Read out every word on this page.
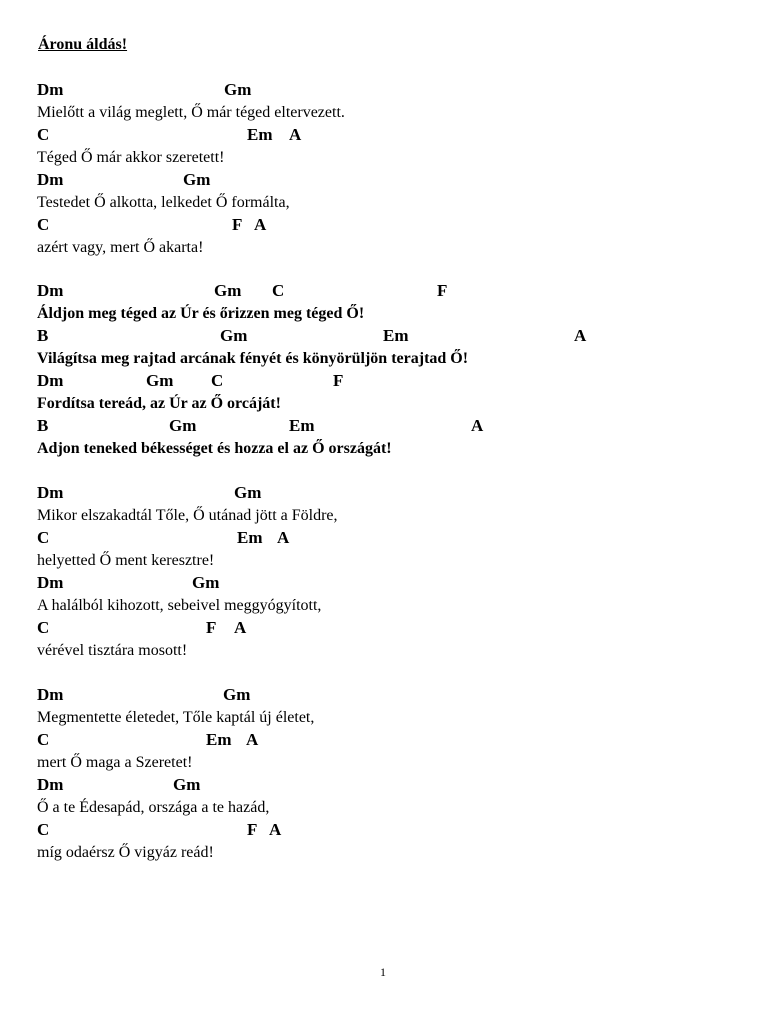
Áronu áldás!
Dm	Gm
Mielőtt a világ meglett, Ő már téged eltervezett.
C	Em A
Téged Ő már akkor szeretett!
Dm	Gm
Testedet Ő alkotta, lelkedet Ő formálta,
C	F A
azért vagy, mert Ő akarta!
Dm	Gm C	F
Áldjon meg téged az Úr és őrizzen meg téged Ő!
B	Gm	Em	A
Világítsa meg rajtad arcának fényét és könyörüljön terajtad Ő!
Dm	Gm C	F
Fordítsa tereád, az Úr az Ő orcáját!
B	Gm	Em	A
Adjon teneked békességet és hozza el az Ő országát!
Dm	Gm
Mikor elszakadtál Tőle, Ő utánad jött a Földre,
C	Em A
helyetted Ő ment keresztre!
Dm	Gm
A halálból kihozott, sebeivel meggyógyított,
C	F A
vérével tisztára mosott!
Dm	Gm
Megmentette életedet, Tőle kaptál új életet,
C	Em A
mert Ő maga a Szeretet!
Dm	Gm
Ő a te Édesapád, országa a te hazád,
C	F A
míg odaérsz Ő vigyáz reád!
1
